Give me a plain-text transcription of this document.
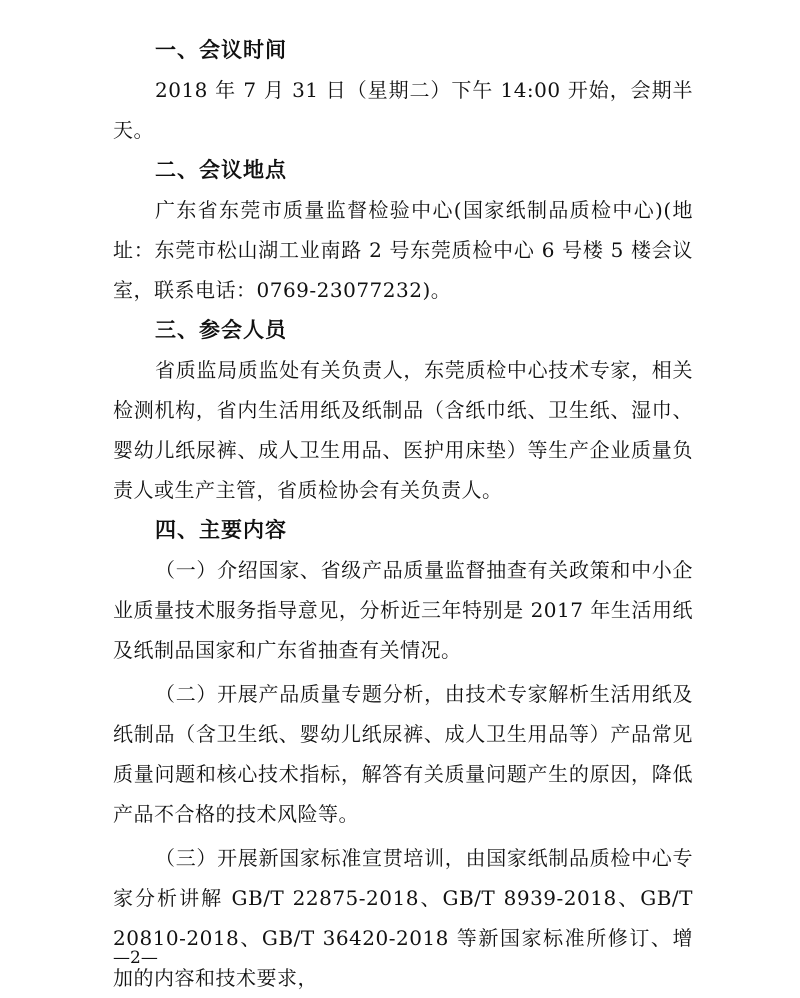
一、会议时间

2018 年 7 月 31 日（星期二）下午 14:00 开始，会期半天。

二、会议地点

广东省东莞市质量监督检验中心(国家纸制品质检中心)(地址：东莞市松山湖工业南路 2 号东莞质检中心 6 号楼 5 楼会议室，联系电话：0769-23077232)。

三、参会人员

省质监局质监处有关负责人，东莞质检中心技术专家，相关检测机构，省内生活用纸及纸制品（含纸巾纸、卫生纸、湿巾、婴幼儿纸尿裤、成人卫生用品、医护用床垫）等生产企业质量负责人或生产主管，省质检协会有关负责人。

四、主要内容

（一）介绍国家、省级产品质量监督抽查有关政策和中小企业质量技术服务指导意见，分析近三年特别是 2017 年生活用纸及纸制品国家和广东省抽查有关情况。

（二）开展产品质量专题分析，由技术专家解析生活用纸及纸制品（含卫生纸、婴幼儿纸尿裤、成人卫生用品等）产品常见质量问题和核心技术指标，解答有关质量问题产生的原因，降低产品不合格的技术风险等。

（三）开展新国家标准宣贯培训，由国家纸制品质检中心专家分析讲解 GB/T 22875-2018、GB/T 8939-2018、GB/T 20810-2018、GB/T 36420-2018 等新国家标准所修订、增加的内容和技术要求，

—2—
